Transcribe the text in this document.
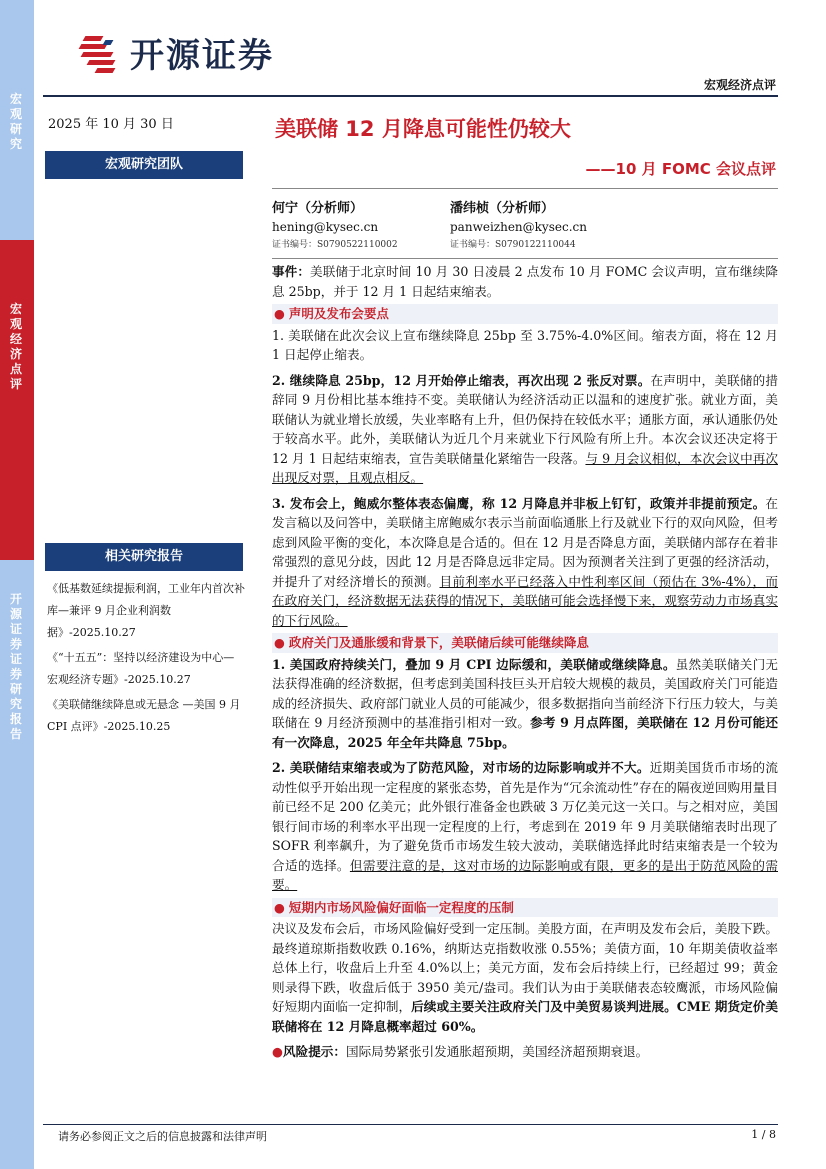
宏观研究
宏观经济点评
开源证券 证券研究报告
开源证券
宏观经济点评
2025 年 10 月 30 日
宏观研究团队
相关研究报告
《低基数延续提振利润，工业年内首次补库—兼评 9 月企业利润数据》-2025.10.27
《“十五五”：坚持以经济建设为中心—宏观经济专题》-2025.10.27
《美联储继续降息或无悬念 —美国 9 月 CPI 点评》-2025.10.25
美联储 12 月降息可能性仍较大
——10 月 FOMC 会议点评
何宁（分析师）
hening@kysec.cn
证书编号：S0790522110002
潘纬桢（分析师）
panweizhen@kysec.cn
证书编号：S0790122110044

事件：美联储于北京时间 10 月 30 日凌晨 2 点发布 10 月 FOMC 会议声明，宣布继续降息 25bp，并于 12 月 1 日起结束缩表。

● 声明及发布会要点

1. 美联储在此次会议上宣布继续降息 25bp 至 3.75%-4.0%区间。缩表方面，将在 12 月 1 日起停止缩表。

2. 继续降息 25bp，12 月开始停止缩表，再次出现 2 张反对票。在声明中，美联储的措辞同 9 月份相比基本维持不变。美联储认为经济活动正以温和的速度扩张。就业方面，美联储认为就业增长放缓，失业率略有上升，但仍保持在较低水平；通胀方面，承认通胀仍处于较高水平。此外，美联储认为近几个月来就业下行风险有所上升。本次会议还决定将于 12 月 1 日起结束缩表，宣告美联储量化紧缩告一段落。与 9 月会议相似，本次会议中再次出现反对票，且观点相反。

3. 发布会上，鲍威尔整体表态偏鹰，称 12 月降息并非板上钉钉，政策并非提前预定。在发言稿以及问答中，美联储主席鲍威尔表示当前面临通胀上行及就业下行的双向风险，但考虑到风险平衡的变化，本次降息是合适的。但在 12 月是否降息方面，美联储内部存在着非常强烈的意见分歧，因此 12 月是否降息远非定局。因为预测者关注到了更强的经济活动，并提升了对经济增长的预测。目前利率水平已经落入中性利率区间（预估在 3%-4%），而在政府关门，经济数据无法获得的情况下，美联储可能会选择慢下来，观察劳动力市场真实的下行风险。

● 政府关门及通胀缓和背景下，美联储后续可能继续降息

1. 美国政府持续关门，叠加 9 月 CPI 边际缓和，美联储或继续降息。虽然美联储关门无法获得准确的经济数据，但考虑到美国科技巨头开启较大规模的裁员，美国政府关门可能造成的经济损失、政府部门就业人员的可能减少，很多数据指向当前经济下行压力较大，与美联储在 9 月经济预测中的基准指引相对一致。参考 9 月点阵图，美联储在 12 月份可能还有一次降息，2025 年全年共降息 75bp。

2. 美联储结束缩表或为了防范风险，对市场的边际影响或并不大。近期美国货币市场的流动性似乎开始出现一定程度的紧张态势，首先是作为“冗余流动性”存在的隔夜逆回购用量目前已经不足 200 亿美元；此外银行准备金也跌破 3 万亿美元这一关口。与之相对应，美国银行间市场的利率水平出现一定程度的上行，考虑到在 2019 年 9 月美联储缩表时出现了 SOFR 利率飙升，为了避免货币市场发生较大波动，美联储选择此时结束缩表是一个较为合适的选择。但需要注意的是，这对市场的边际影响或有限，更多的是出于防范风险的需要。

● 短期内市场风险偏好面临一定程度的压制

决议及发布会后，市场风险偏好受到一定压制。美股方面，在声明及发布会后，美股下跌。最终道琼斯指数收跌 0.16%，纳斯达克指数收涨 0.55%；美债方面，10 年期美债收益率总体上行，收盘后上升至 4.0%以上；美元方面，发布会后持续上行，已经超过 99；黄金则录得下跌，收盘后低于 3950 美元/盎司。我们认为由于美联储表态较鹰派，市场风险偏好短期内面临一定抑制，后续或主要关注政府关门及中美贸易谈判进展。CME 期货定价美联储将在 12 月降息概率超过 60%。

●风险提示：国际局势紧张引发通胀超预期，美国经济超预期衰退。

请务必参阅正文之后的信息披露和法律声明	1 / 8
